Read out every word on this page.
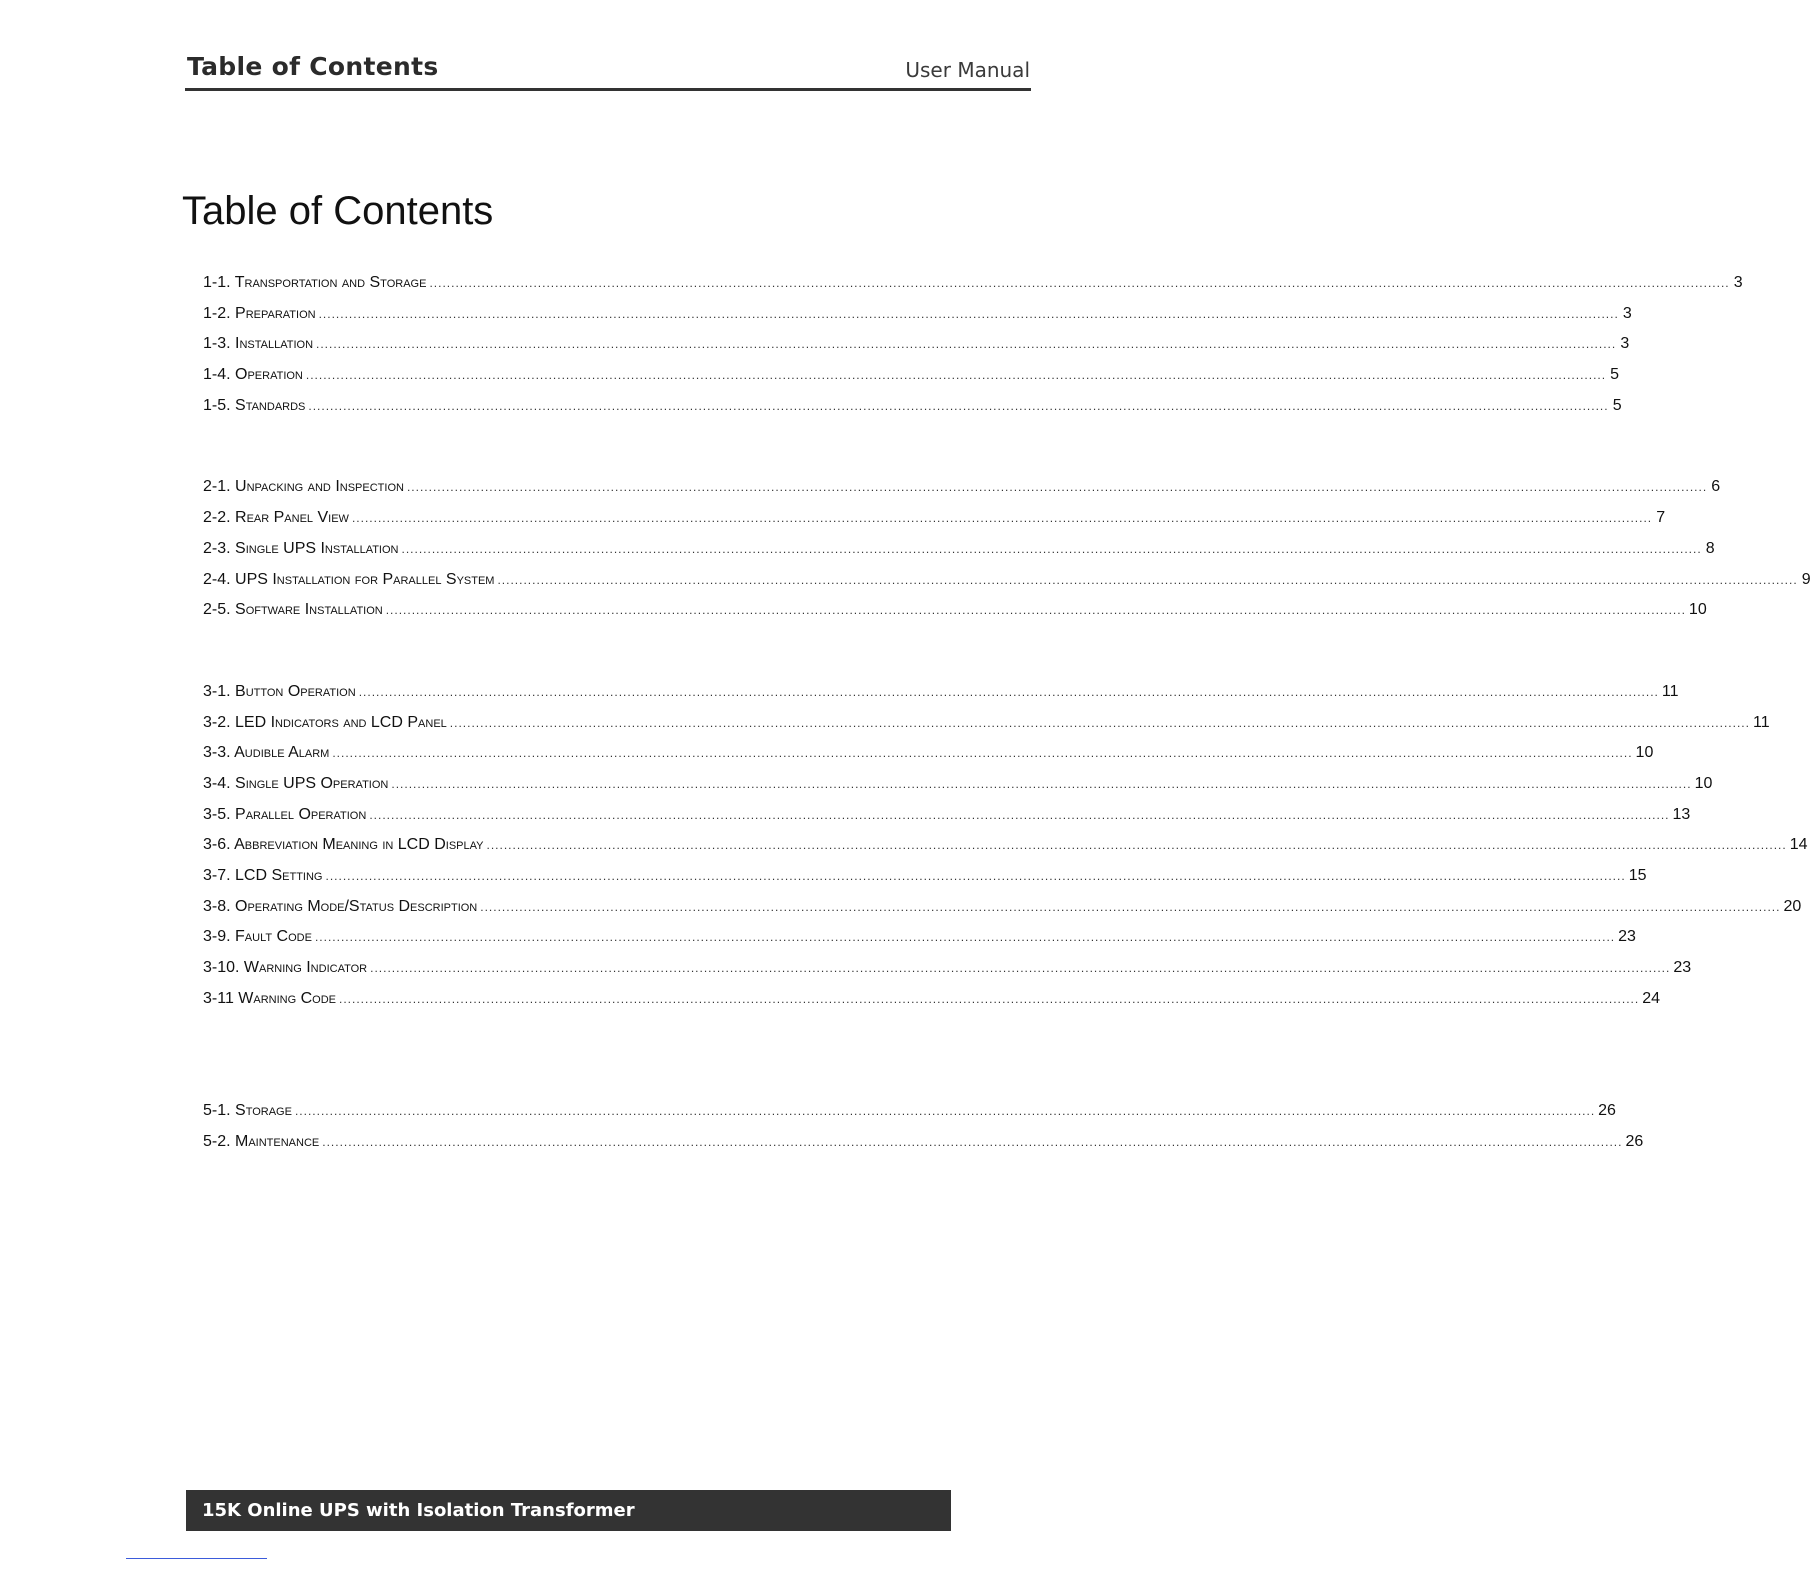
Table of Contents	User Manual
Table of Contents
1-1. Transportation and Storage ............................................................................................................................................................................................................................................................................................................ 3
1-2. Preparation ............................................................................................................................................................................................................................................................................................................ 3
1-3. Installation ............................................................................................................................................................................................................................................................................................................ 3
1-4. Operation ............................................................................................................................................................................................................................................................................................................ 5
1-5. Standards ............................................................................................................................................................................................................................................................................................................ 5
2-1. Unpacking and Inspection ............................................................................................................................................................................................................................................................................................................ 6
2-2. Rear Panel View ............................................................................................................................................................................................................................................................................................................ 7
2-3. Single UPS Installation ............................................................................................................................................................................................................................................................................................................ 8
2-4. UPS Installation for Parallel System ............................................................................................................................................................................................................................................................................................................ 9
2-5. Software Installation ............................................................................................................................................................................................................................................................................................................ 10
3-1. Button Operation ............................................................................................................................................................................................................................................................................................................ 11
3-2. LED Indicators and LCD Panel ............................................................................................................................................................................................................................................................................................................ 11
3-3. Audible Alarm ............................................................................................................................................................................................................................................................................................................ 10
3-4. Single UPS Operation ............................................................................................................................................................................................................................................................................................................ 10
3-5. Parallel Operation ............................................................................................................................................................................................................................................................................................................ 13
3-6. Abbreviation Meaning in LCD Display ............................................................................................................................................................................................................................................................................................................ 14
3-7. LCD Setting ............................................................................................................................................................................................................................................................................................................ 15
3-8. Operating Mode/Status Description ............................................................................................................................................................................................................................................................................................................ 20
3-9. Fault Code ............................................................................................................................................................................................................................................................................................................ 23
3-10. Warning Indicator ............................................................................................................................................................................................................................................................................................................ 23
3-11 Warning Code ............................................................................................................................................................................................................................................................................................................ 24
5-1. Storage ............................................................................................................................................................................................................................................................................................................ 26
5-2. Maintenance ............................................................................................................................................................................................................................................................................................................ 26
15K Online UPS with Isolation Transformer
